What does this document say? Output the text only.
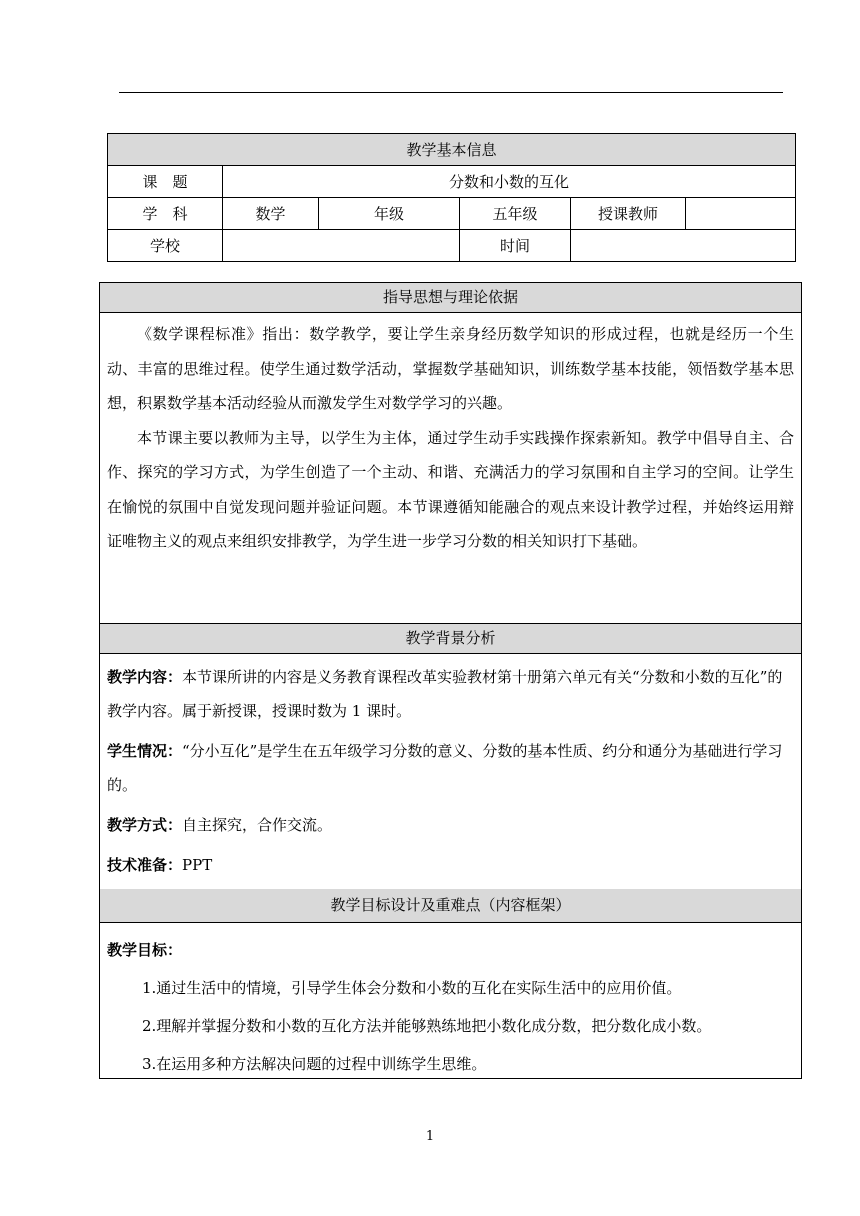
教学基本信息					
课　题	分数和小数的互化				
学　科	数学	年级	五年级	授课教师	
学校			时间		
指导思想与理论依据

《数学课程标准》指出：数学教学，要让学生亲身经历数学知识的形成过程，也就是经历一个生动、丰富的思维过程。使学生通过数学活动，掌握数学基础知识，训练数学基本技能，领悟数学基本思想，积累数学基本活动经验从而激发学生对数学学习的兴趣。

本节课主要以教师为主导，以学生为主体，通过学生动手实践操作探索新知。教学中倡导自主、合作、探究的学习方式，为学生创造了一个主动、和谐、充满活力的学习氛围和自主学习的空间。让学生在愉悦的氛围中自觉发现问题并验证问题。本节课遵循知能融合的观点来设计教学过程，并始终运用辩证唯物主义的观点来组织安排教学，为学生进一步学习分数的相关知识打下基础。

教学背景分析

教学内容：本节课所讲的内容是义务教育课程改革实验教材第十册第六单元有关“分数和小数的互化”的教学内容。属于新授课，授课时数为 1 课时。

学生情况：“分小互化”是学生在五年级学习分数的意义、分数的基本性质、约分和通分为基础进行学习的。

教学方式：自主探究，合作交流。

技术准备：PPT

教学目标设计及重难点（内容框架）

教学目标：

1.通过生活中的情境，引导学生体会分数和小数的互化在实际生活中的应用价值。

2.理解并掌握分数和小数的互化方法并能够熟练地把小数化成分数，把分数化成小数。

3.在运用多种方法解决问题的过程中训练学生思维。

1
